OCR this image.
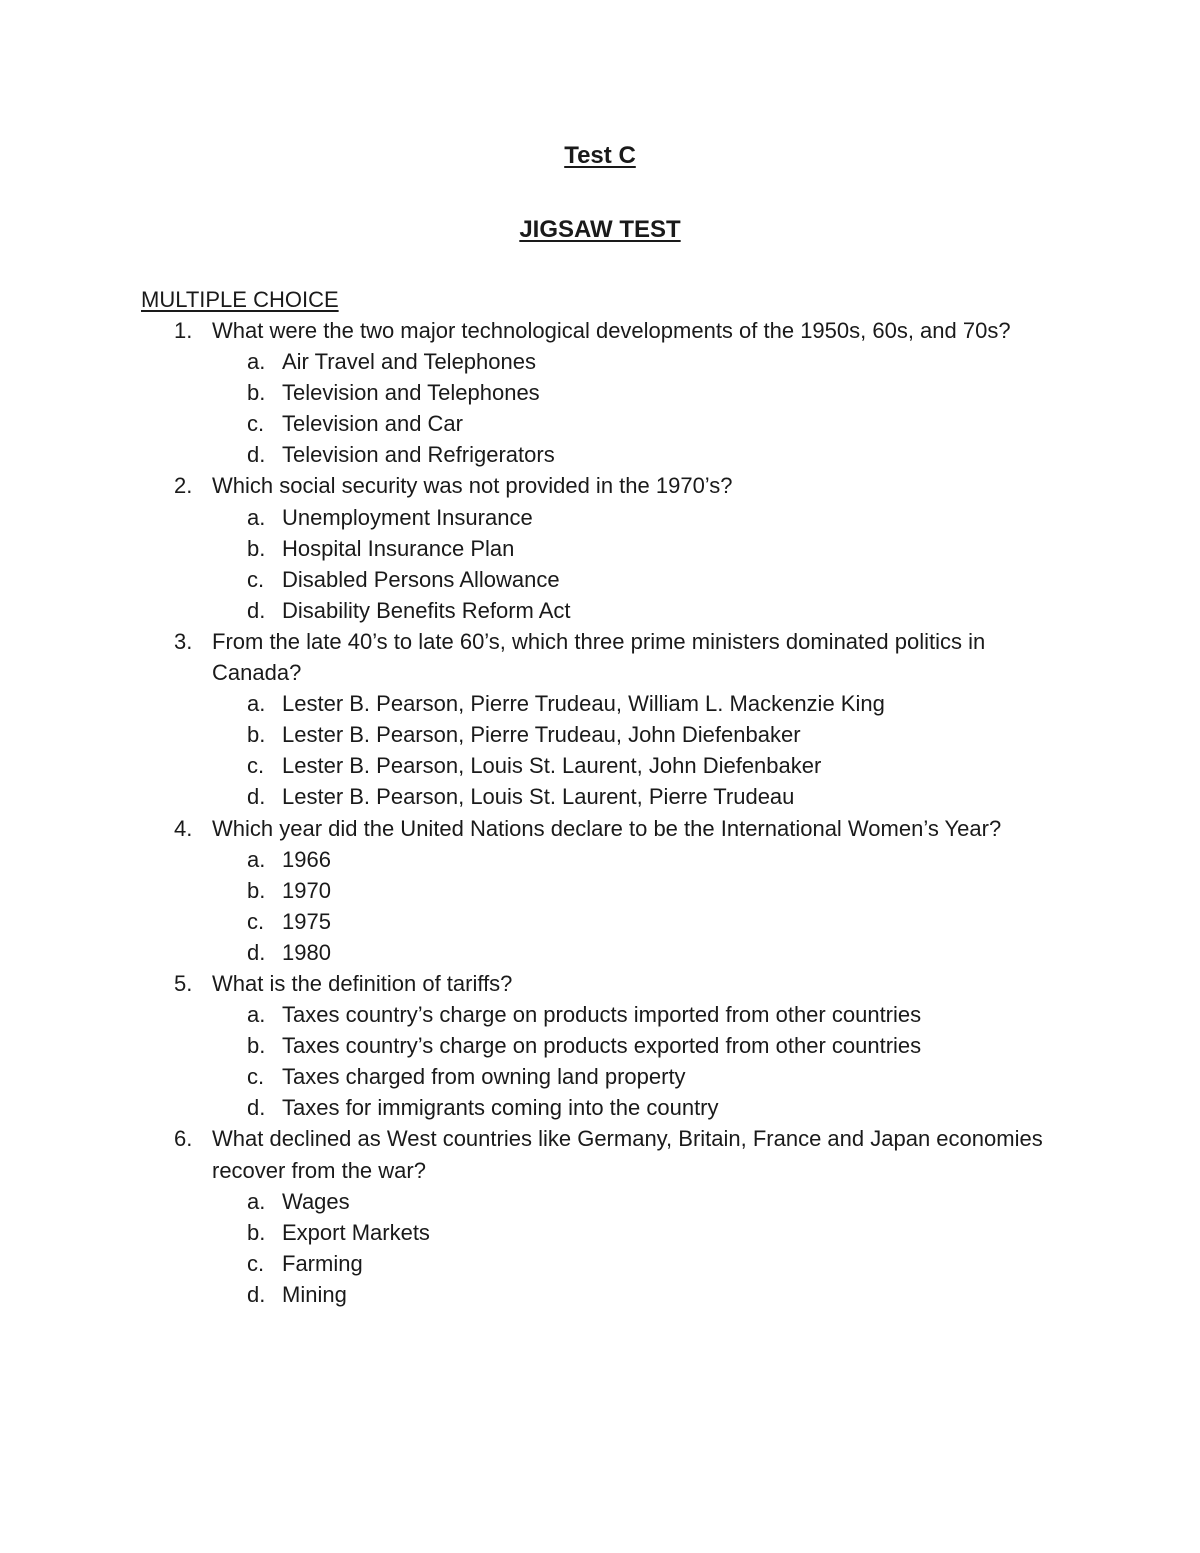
Test C
JIGSAW TEST
MULTIPLE CHOICE
1. What were the two major technological developments of the 1950s, 60s, and 70s?
a. Air Travel and Telephones
b. Television and Telephones
c. Television and Car
d. Television and Refrigerators
2. Which social security was not provided in the 1970’s?
a. Unemployment Insurance
b. Hospital Insurance Plan
c. Disabled Persons Allowance
d. Disability Benefits Reform Act
3. From the late 40’s to late 60’s, which three prime ministers dominated politics in Canada?
a. Lester B. Pearson, Pierre Trudeau, William L. Mackenzie King
b. Lester B. Pearson, Pierre Trudeau, John Diefenbaker
c. Lester B. Pearson, Louis St. Laurent, John Diefenbaker
d. Lester B. Pearson, Louis St. Laurent, Pierre Trudeau
4. Which year did the United Nations declare to be the International Women’s Year?
a. 1966
b. 1970
c. 1975
d. 1980
5. What is the definition of tariffs?
a. Taxes country’s charge on products imported from other countries
b. Taxes country’s charge on products exported from other countries
c. Taxes charged from owning land property
d. Taxes for immigrants coming into the country
6. What declined as West countries like Germany, Britain, France and Japan economies recover from the war?
a. Wages
b. Export Markets
c. Farming
d. Mining
